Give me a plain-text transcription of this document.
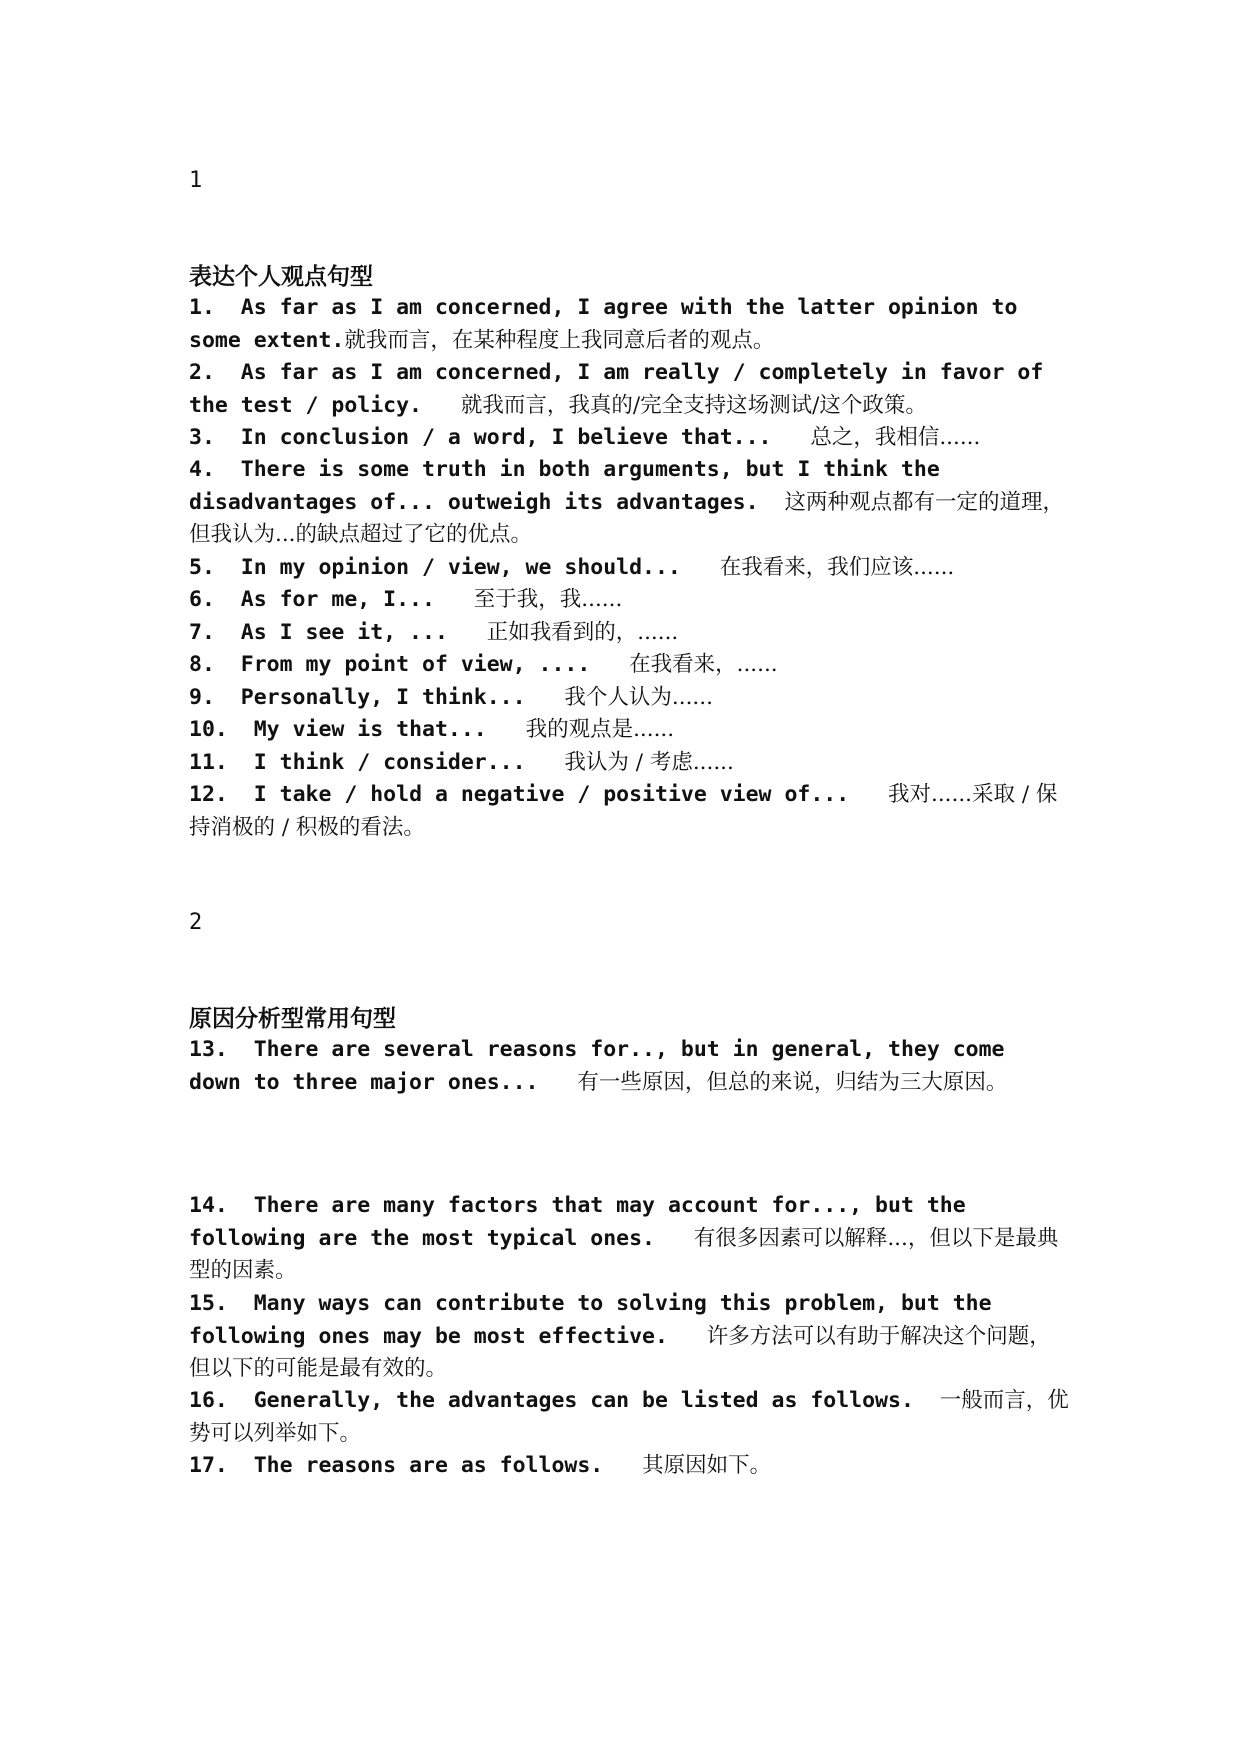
1
表达个人观点句型
1. As far as I am concerned, I agree with the latter opinion to some extent.就我而言，在某种程度上我同意后者的观点。
2. As far as I am concerned, I am really / completely in favor of the test / policy. 就我而言，我真的/完全支持这场测试/这个政策。
3. In conclusion / a word, I believe that... 总之，我相信......
4. There is some truth in both arguments, but I think the disadvantages of... outweigh its advantages. 这两种观点都有一定的道理，但我认为...的缺点超过了它的优点。
5. In my opinion / view, we should... 在我看来，我们应该......
6. As for me, I... 至于我，我......
7. As I see it, ... 正如我看到的，......
8. From my point of view, .... 在我看来，......
9. Personally, I think... 我个人认为......
10. My view is that... 我的观点是......
11. I think / consider... 我认为 / 考虑......
12. I take / hold a negative / positive view of... 我对......采取 / 保持消极的 / 积极的看法。
2
原因分析型常用句型
13. There are several reasons for.., but in general, they come down to three major ones... 有一些原因，但总的来说，归结为三大原因。
14. There are many factors that may account for..., but the following are the most typical ones. 有很多因素可以解释...，但以下是最典型的因素。
15. Many ways can contribute to solving this problem, but the following ones may be most effective. 许多方法可以有助于解决这个问题，但以下的可能是最有效的。
16. Generally, the advantages can be listed as follows. 一般而言，优势可以列举如下。
17. The reasons are as follows. 其原因如下。
